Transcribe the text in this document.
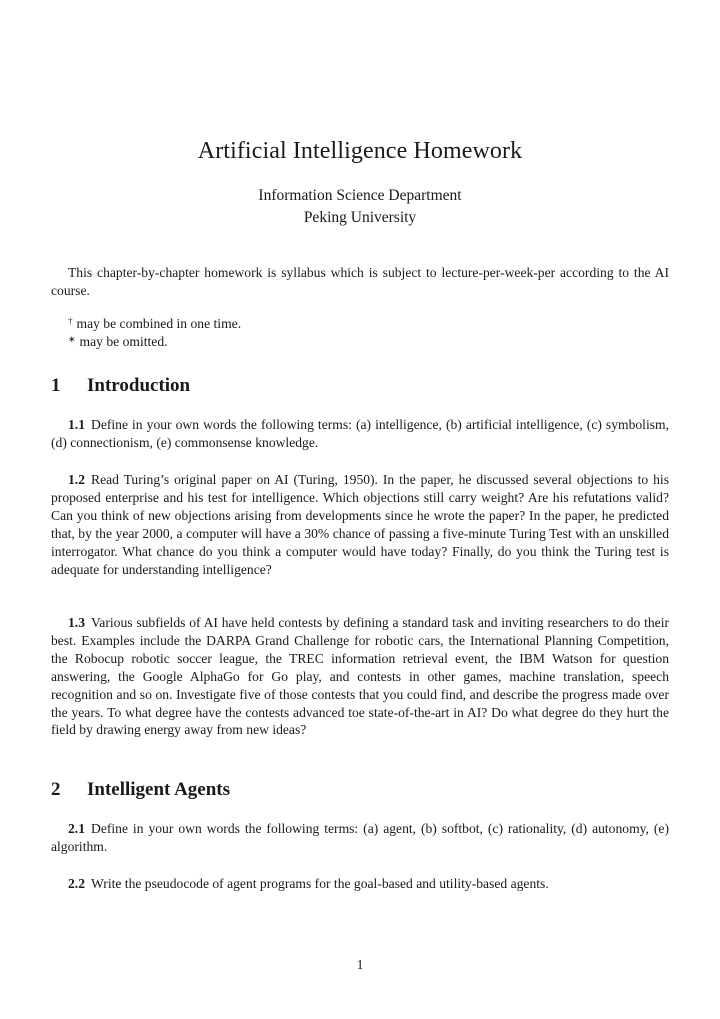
Artificial Intelligence Homework
Information Science Department
Peking University

This chapter-by-chapter homework is syllabus which is subject to lecture-per-week-per according to the AI course.

† may be combined in one time.
∗ may be omitted.
1 Introduction

1.1 Define in your own words the following terms: (a) intelligence, (b) artificial intelligence, (c) symbolism, (d) connectionism, (e) commonsense knowledge.

1.2 Read Turing’s original paper on AI (Turing, 1950). In the paper, he discussed several objections to his proposed enterprise and his test for intelligence. Which objections still carry weight? Are his refutations valid? Can you think of new objections arising from developments since he wrote the paper? In the paper, he predicted that, by the year 2000, a computer will have a 30% chance of passing a five-minute Turing Test with an unskilled interrogator. What chance do you think a computer would have today? Finally, do you think the Turing test is adequate for understanding intelligence?

1.3 Various subfields of AI have held contests by defining a standard task and inviting researchers to do their best. Examples include the DARPA Grand Challenge for robotic cars, the International Planning Competition, the Robocup robotic soccer league, the TREC information retrieval event, the IBM Watson for question answering, the Google AlphaGo for Go play, and contests in other games, machine translation, speech recognition and so on. Investigate five of those contests that you could find, and describe the progress made over the years. To what degree have the contests advanced toe state-of-the-art in AI? Do what degree do they hurt the field by drawing energy away from new ideas?

2 Intelligent Agents

2.1 Define in your own words the following terms: (a) agent, (b) softbot, (c) rationality, (d) autonomy, (e) algorithm.

2.2 Write the pseudocode of agent programs for the goal-based and utility-based agents.

1
